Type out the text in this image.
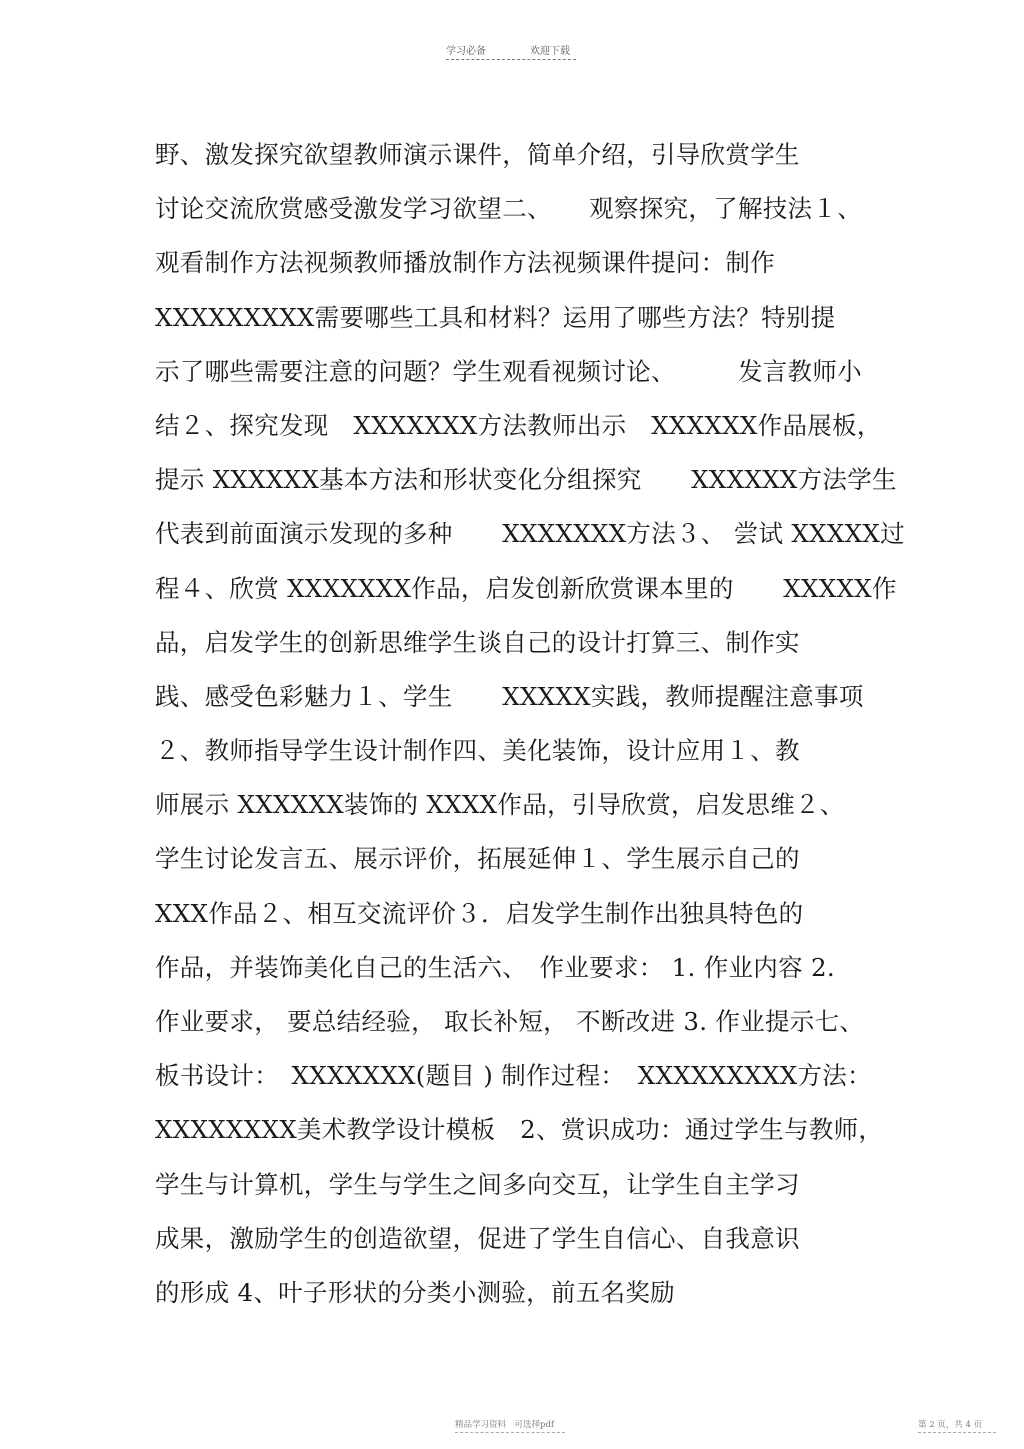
学习必备	欢迎下载
野、激发探究欲望教师演示课件，简单介绍，引导欣赏学生
讨论交流欣赏感受激发学习欲望二、　　观察探究，了解技法１、
观看制作方法视频教师播放制作方法视频课件提问：制作
XXXXXXXXX需要哪些工具和材料？运用了哪些方法？特别提
示了哪些需要注意的问题？学生观看视频讨论、　　　发言教师小
结２、探究发现　XXXXXXX方法教师出示　XXXXXX作品展板，
提示 XXXXXX基本方法和形状变化分组探究　　XXXXXX方法学生
代表到前面演示发现的多种　　XXXXXXX方法３、 尝试 XXXXX过
程４、欣赏 XXXXXXX作品，启发创新欣赏课本里的　　XXXXX作
品，启发学生的创新思维学生谈自己的设计打算三、制作实
践、感受色彩魅力１、学生　　XXXXX实践，教师提醒注意事项
２、教师指导学生设计制作四、美化装饰，设计应用１、教
师展示 XXXXXX装饰的 XXXX作品，引导欣赏，启发思维２、
学生讨论发言五、展示评价，拓展延伸１、学生展示自己的
XXX作品２、相互交流评价３．启发学生制作出独具特色的
作品，并装饰美化自己的生活六、　作业要求： 1. 作业内容 2.
作业要求， 要总结经验， 取长补短， 不断改进 3. 作业提示七、
板书设计：　XXXXXXX(题目 ) 制作过程：　XXXXXXXXX方法：
XXXXXXXX美术教学设计模板　2、赏识成功：通过学生与教师，
学生与计算机，学生与学生之间多向交互，让学生自主学习
成果，激励学生的创造欲望，促进了学生自信心、自我意识
的形成 4、叶子形状的分类小测验，前五名奖励
精品学习资料　可选择pdf	第 2 页，共 4 页
